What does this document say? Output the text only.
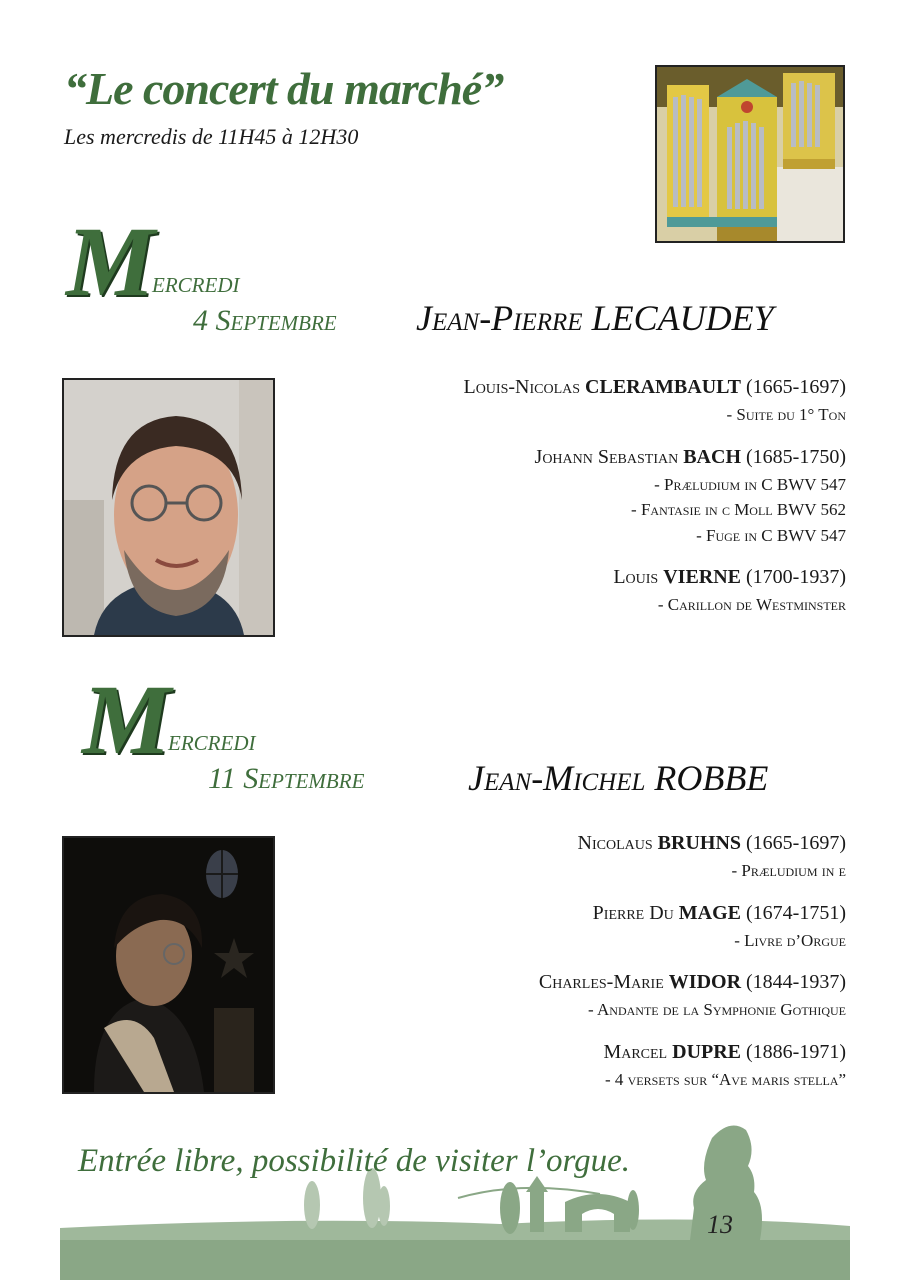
“Le concert du marché”
Les mercredis de 11H45 à 12H30
M
ercredi
4 Septembre Jean-Pierre LECAUDEY
Louis-Nicolas CLERAMBAULT (1665-1697)
- Suite du 1° Ton
Johann Sebastian BACH (1685-1750)
- Præludium in C BWV 547
- Fantasie in c Moll BWV 562
- Fuge in C BWV 547
Louis VIERNE (1700-1937)
- Carillon de Westminster
M
ercredi
11 Septembre	Jean-Michel ROBBE
Nicolaus BRUHNS (1665-1697)
- Præludium in e
Pierre Du MAGE (1674-1751)
- Livre d’Orgue
Charles-Marie WIDOR (1844-1937)
- Andante de la Symphonie Gothique
Marcel DUPRE (1886-1971)
- 4 versets sur “Ave maris stella”
Entrée libre, possibilité de visiter l’orgue.
13
